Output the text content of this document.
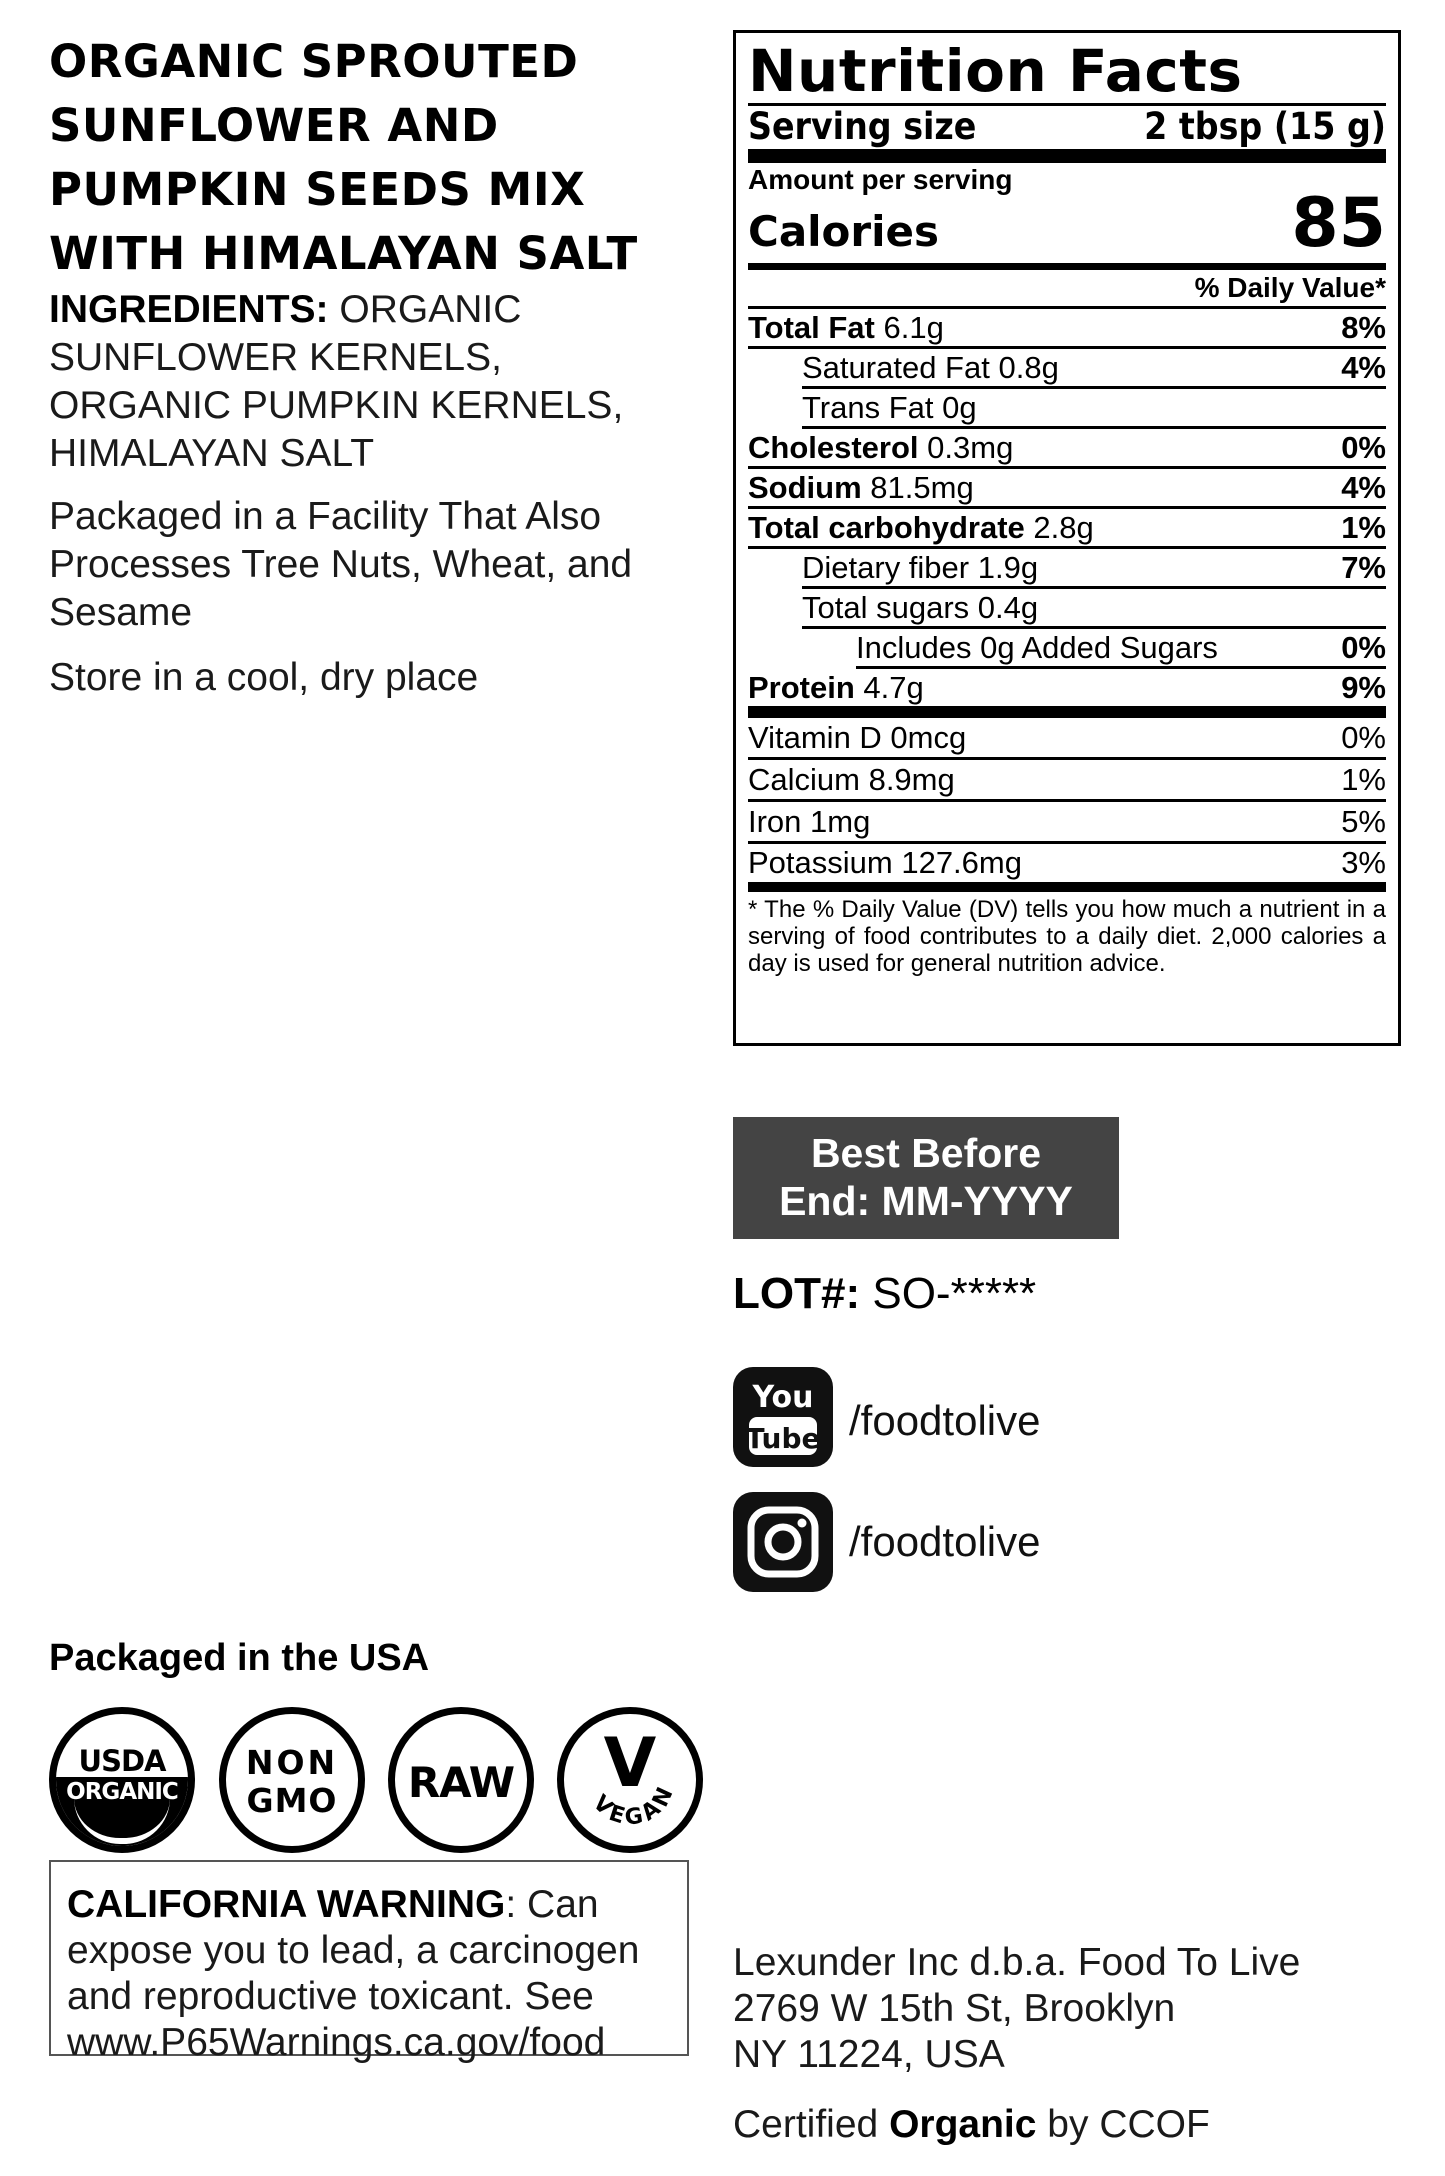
ORGANIC SPROUTED
SUNFLOWER AND
PUMPKIN SEEDS MIX
WITH HIMALAYAN SALT
INGREDIENTS: ORGANIC SUNFLOWER KERNELS, ORGANIC PUMPKIN KERNELS, HIMALAYAN SALT
Packaged in a Facility That Also Processes Tree Nuts, Wheat, and Sesame
Store in a cool, dry place
Packaged in the USA
USDA
ORGANIC
NON
GMO	RAW V
VEGAN
CALIFORNIA WARNING: Can expose you to lead, a carcinogen and reproductive toxicant. See www.P65Warnings.ca.gov/food
Nutrition Facts
Serving size	2 tbsp (15 g)
Amount per serving
Calories	85
% Daily Value*
Total Fat 6.1g	8%
Saturated Fat 0.8g	4%
Trans Fat 0g
Cholesterol 0.3mg	0%
Sodium 81.5mg	4%
Total carbohydrate 2.8g	1%
Dietary fiber 1.9g	7%
Total sugars 0.4g
Includes 0g Added Sugars	0%
Protein 4.7g	9%
Vitamin D 0mcg	0%
Calcium 8.9mg	1%
Iron 1mg	5%
Potassium 127.6mg	3%
* The % Daily Value (DV) tells you how much a nutrient in a serving of food contributes to a daily diet. 2,000 calories a day is used for general nutrition advice.
Best Before
End: MM-YYYY
LOT#: SO-*****
You
Tube /foodtolive
/foodtolive
Lexunder Inc d.b.a. Food To Live
2769 W 15th St, Brooklyn
NY 11224, USA
Certified Organic by CCOF
